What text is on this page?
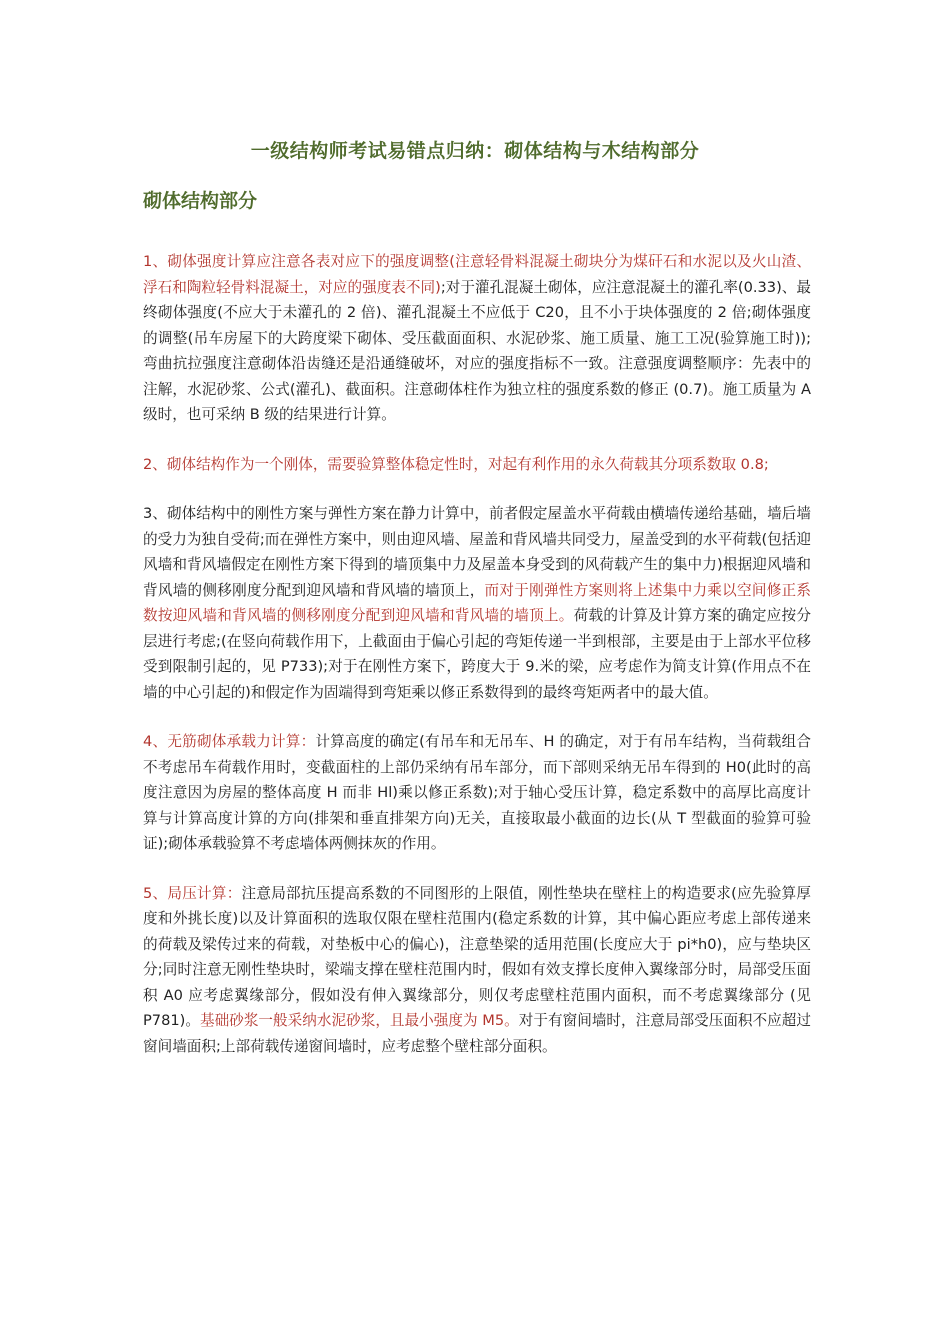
一级结构师考试易错点归纳：砌体结构与木结构部分
砌体结构部分

1、砌体强度计算应注意各表对应下的强度调整(注意轻骨料混凝土砌块分为煤矸石和水泥以及火山渣、浮石和陶粒轻骨料混凝土，对应的强度表不同);对于灌孔混凝土砌体，应注意混凝土的灌孔率(0.33)、最终砌体强度(不应大于未灌孔的 2 倍)、灌孔混凝土不应低于 C20，且不小于块体强度的 2 倍;砌体强度的调整(吊车房屋下的大跨度梁下砌体、受压截面面积、水泥砂浆、施工质量、施工工况(验算施工时));弯曲抗拉强度注意砌体沿齿缝还是沿通缝破坏，对应的强度指标不一致。注意强度调整顺序：先表中的注解，水泥砂浆、公式(灌孔)、截面积。注意砌体柱作为独立柱的强度系数的修正 (0.7)。施工质量为 A 级时，也可采纳 B 级的结果进行计算。

2、砌体结构作为一个刚体，需要验算整体稳定性时，对起有利作用的永久荷载其分项系数取 0.8;

3、砌体结构中的刚性方案与弹性方案在静力计算中，前者假定屋盖水平荷载由横墙传递给基础，墙后墙的受力为独自受荷;而在弹性方案中，则由迎风墙、屋盖和背风墙共同受力，屋盖受到的水平荷载(包括迎风墙和背风墙假定在刚性方案下得到的墙顶集中力及屋盖本身受到的风荷载产生的集中力)根据迎风墙和背风墙的侧移刚度分配到迎风墙和背风墙的墙顶上，而对于刚弹性方案则将上述集中力乘以空间修正系数按迎风墙和背风墙的侧移刚度分配到迎风墙和背风墙的墙顶上。荷载的计算及计算方案的确定应按分层进行考虑;(在竖向荷载作用下，上截面由于偏心引起的弯矩传递一半到根部，主要是由于上部水平位移受到限制引起的，见 P733);对于在刚性方案下，跨度大于 9.米的梁，应考虑作为简支计算(作用点不在墙的中心引起的)和假定作为固端得到弯矩乘以修正系数得到的最终弯矩两者中的最大值。

4、无筋砌体承载力计算：计算高度的确定(有吊车和无吊车、H 的确定，对于有吊车结构，当荷载组合不考虑吊车荷载作用时，变截面柱的上部仍采纳有吊车部分，而下部则采纳无吊车得到的 H0(此时的高度注意因为房屋的整体高度 H 而非 Hl)乘以修正系数);对于轴心受压计算，稳定系数中的高厚比高度计算与计算高度计算的方向(排架和垂直排架方向)无关，直接取最小截面的边长(从 T 型截面的验算可验证);砌体承载验算不考虑墙体两侧抹灰的作用。

5、局压计算：注意局部抗压提高系数的不同图形的上限值，刚性垫块在壁柱上的构造要求(应先验算厚度和外挑长度)以及计算面积的选取仅限在壁柱范围内(稳定系数的计算，其中偏心距应考虑上部传递来的荷载及梁传过来的荷载，对垫板中心的偏心)，注意垫梁的适用范围(长度应大于 pi*h0)，应与垫块区分;同时注意无刚性垫块时，梁端支撑在壁柱范围内时，假如有效支撑长度伸入翼缘部分时，局部受压面积 A0 应考虑翼缘部分，假如没有伸入翼缘部分，则仅考虑壁柱范围内面积，而不考虑翼缘部分 (见 P781)。基础砂浆一般采纳水泥砂浆，且最小强度为 M5。对于有窗间墙时，注意局部受压面积不应超过窗间墙面积;上部荷载传递窗间墙时，应考虑整个壁柱部分面积。
